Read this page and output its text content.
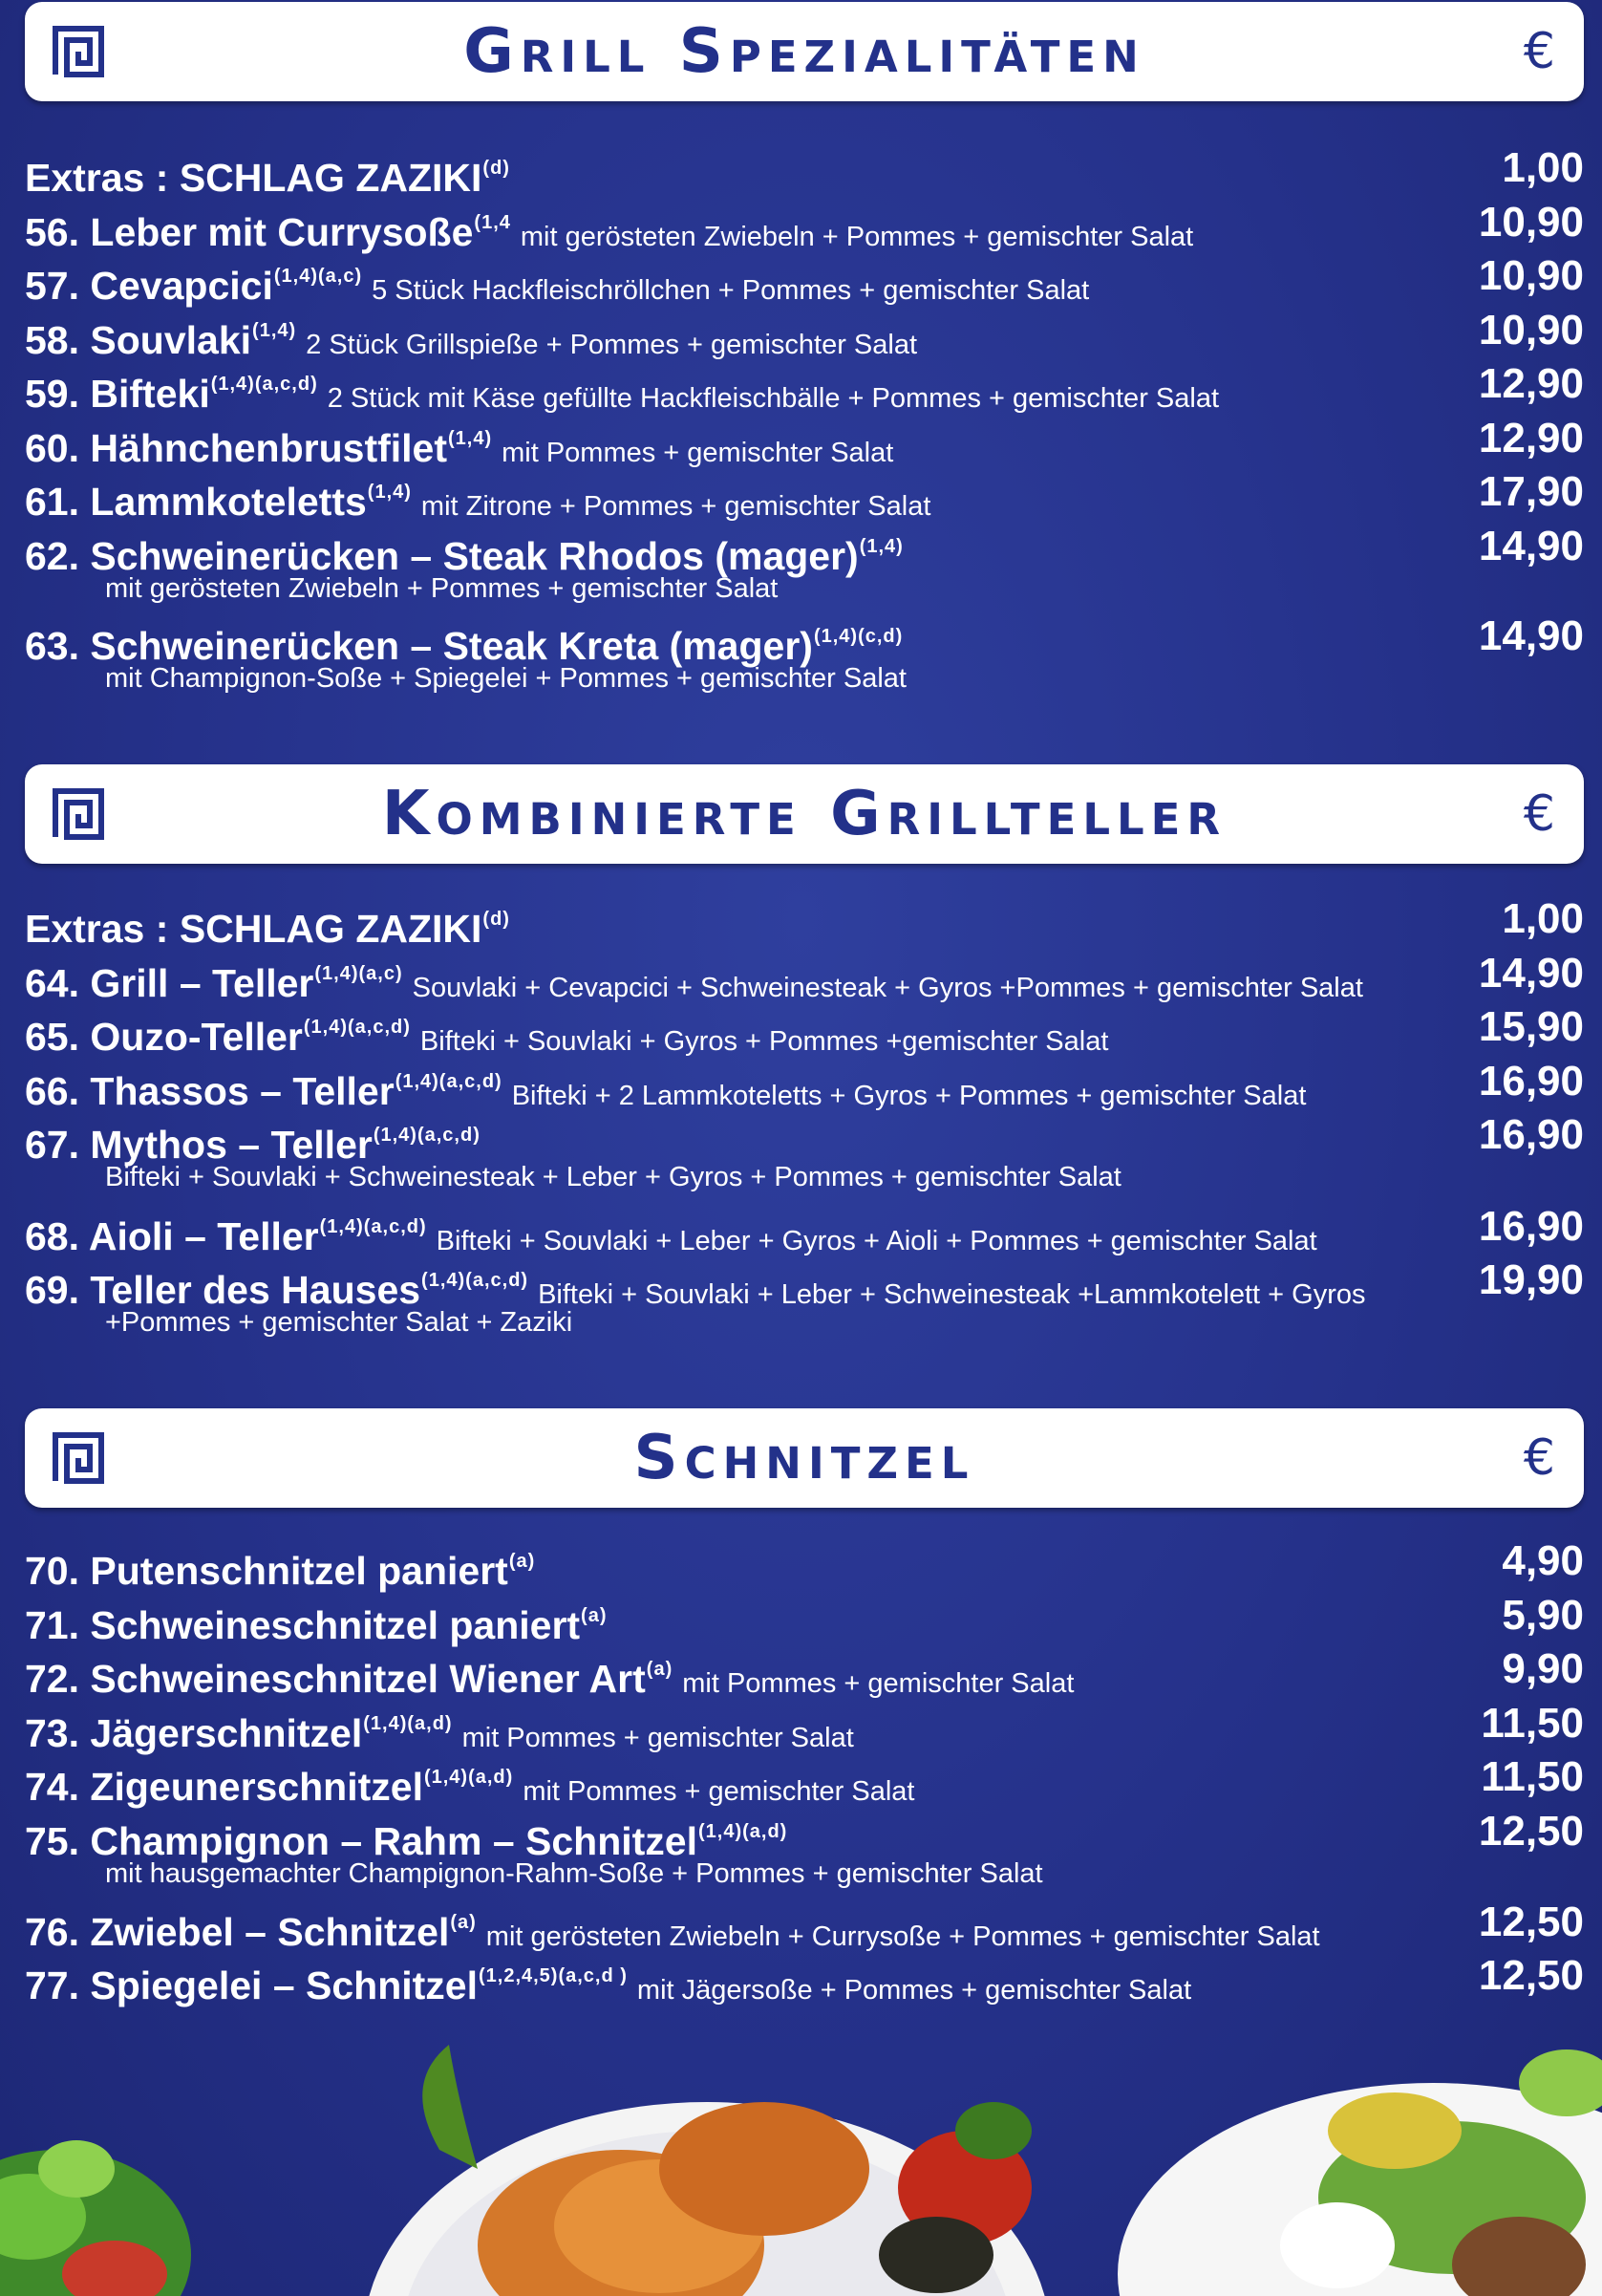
Grill Spezialitäten	€
Extras : SCHLAG ZAZIKI(d)	1,00
56. Leber mit Currysoße(1,4 mit gerösteten Zwiebeln + Pommes + gemischter Salat	10,90
57. Cevapcici(1,4)(a,c) 5 Stück Hackfleischröllchen + Pommes + gemischter Salat	10,90
58. Souvlaki(1,4) 2 Stück Grillspieße + Pommes + gemischter Salat	10,90
59. Bifteki(1,4)(a,c,d) 2 Stück mit Käse gefüllte Hackfleischbälle + Pommes + gemischter Salat	12,90
60. Hähnchenbrustfilet(1,4) mit Pommes + gemischter Salat	12,90
61. Lammkoteletts(1,4) mit Zitrone + Pommes + gemischter Salat	17,90
62. Schweinerücken – Steak Rhodos (mager)(1,4)	14,90
mit gerösteten Zwiebeln + Pommes + gemischter Salat
63. Schweinerücken – Steak Kreta (mager)(1,4)(c,d)	14,90
mit Champignon-Soße + Spiegelei + Pommes + gemischter Salat
Kombinierte Grillteller	€
Extras : SCHLAG ZAZIKI(d)	1,00
64. Grill – Teller(1,4)(a,c) Souvlaki + Cevapcici + Schweinesteak + Gyros +Pommes + gemischter Salat	14,90
65. Ouzo-Teller(1,4)(a,c,d) Bifteki + Souvlaki + Gyros + Pommes +gemischter Salat	15,90
66. Thassos – Teller(1,4)(a,c,d) Bifteki + 2 Lammkoteletts + Gyros + Pommes + gemischter Salat	16,90
67. Mythos – Teller(1,4)(a,c,d)	16,90
Bifteki + Souvlaki + Schweinesteak + Leber + Gyros + Pommes + gemischter Salat
68. Aioli – Teller(1,4)(a,c,d) Bifteki + Souvlaki + Leber + Gyros + Aioli + Pommes + gemischter Salat	16,90
69. Teller des Hauses(1,4)(a,c,d) Bifteki + Souvlaki + Leber + Schweinesteak +Lammkotelett + Gyros	19,90
+Pommes + gemischter Salat + Zaziki
Schnitzel	€
70. Putenschnitzel paniert(a)	4,90
71. Schweineschnitzel paniert(a)	5,90
72. Schweineschnitzel Wiener Art(a) mit Pommes + gemischter Salat	9,90
73. Jägerschnitzel(1,4)(a,d) mit Pommes + gemischter Salat	11,50
74. Zigeunerschnitzel(1,4)(a,d) mit Pommes + gemischter Salat	11,50
75. Champignon – Rahm – Schnitzel(1,4)(a,d)	12,50
mit hausgemachter Champignon-Rahm-Soße + Pommes + gemischter Salat
76. Zwiebel – Schnitzel(a) mit gerösteten Zwiebeln + Currysoße + Pommes + gemischter Salat	12,50
77. Spiegelei – Schnitzel(1,2,4,5)(a,c,d ) mit Jägersoße + Pommes + gemischter Salat	12,50
